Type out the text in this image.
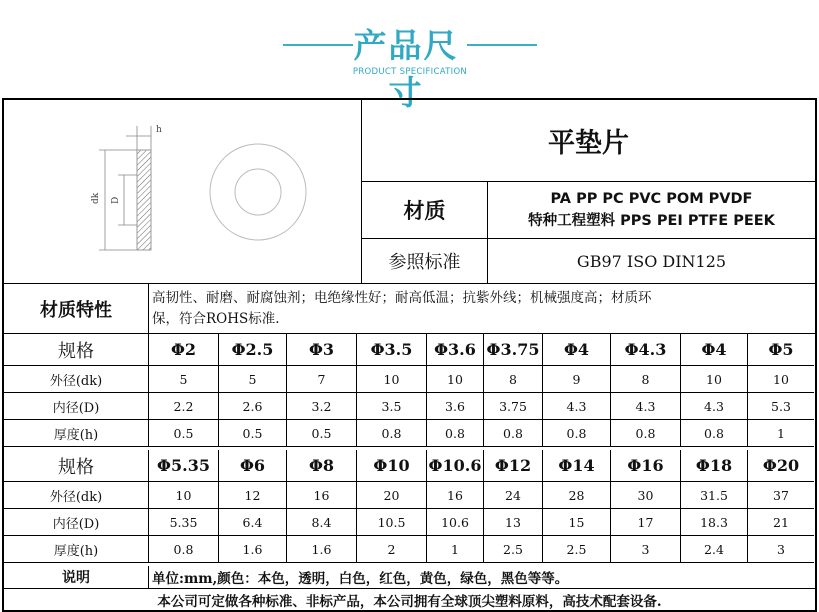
产品尺寸
PRODUCT SPECIFICATION
h
dk D
平垫片
材质	PA PP PC PVC POM PVDF
特种工程塑料 PPS PEI PTFE PEEK
参照标准	GB97 ISO DIN125
材质特性
高韧性、耐磨、耐腐蚀剂；电绝缘性好；耐高低温；抗紫外线；机械强度高；材质环
保，符合ROHS标准.
规格	Φ2	Φ2.5	Φ3	Φ3.5	Φ3.6 Φ3.75	Φ4	Φ4.3	Φ4	Φ5
外径(dk)	5	5	7	10	10	8	9	8	10	10
内径(D)	2.2	2.6	3.2	3.5	3.6	3.75	4.3	4.3	4.3	5.3
厚度(h)	0.5	0.5	0.5	0.8	0.8	0.8	0.8	0.8	0.8	1
规格	Φ5.35	Φ6	Φ8	Φ10	Φ10.6 Φ12	Φ14	Φ16	Φ18	Φ20
外径(dk)	10	12	16	20	16	24	28	30	31.5	37
内径(D)	5.35	6.4	8.4	10.5	10.6	13	15	17	18.3	21
厚度(h)	0.8	1.6	1.6	2	1	2.5	2.5	3	2.4	3
说明	单位:mm,颜色：本色，透明，白色，红色，黄色，绿色，黑色等等。
本公司可定做各种标准、非标产品，本公司拥有全球顶尖塑料原料，高技术配套设备.
